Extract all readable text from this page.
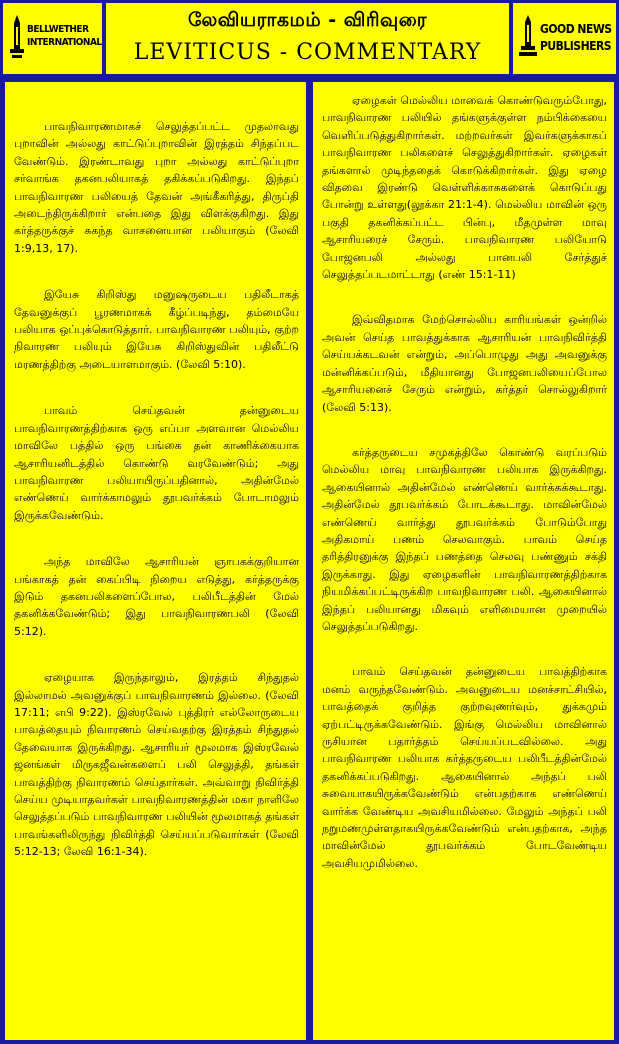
BELLWETHER
INTERNATIONAL
லேவியராகமம் - விரிவுரை
LEVITICUS - COMMENTARY
GOOD NEWS
PUBLISHERS

பாவநிவாரணமாகச் செலுத்தப்பட்ட முதலாவது புறாவின் அல்லது காட்டுப்புறாவின் இரத்தம் சிந்தப்பட வேண்டும். இரண்டாவது புறா அல்லது காட்டுப்புறா சர்வாங்க தகனபலியாகத் தகிக்கப்படுகிறது. இந்தப் பாவநிவாரண பலியைத் தேவன் அங்கீகரித்து, திருப்தி அடைந்திருக்கிறார் என்பதை இது விளக்குகிறது. இது கர்த்தருக்குச் சுகந்த வாசனையான பலியாகும் (லேவி 1:9,13, 17).

இயேசு கிறிஸ்து மனுஷருடைய பதிலீடாகத் தேவனுக்குப் பூரணமாகக் கீழ்ப்படிந்து, தம்மையே பலியாக ஒப்புக்கொடுத்தார். பாவநிவாரண பலியும், குற்ற நிவாரண பலியும் இயேசு கிறிஸ்துவின் பதிலீட்டு மரணத்திற்கு அடையாளமாகும். (லேவி 5:10).

பாவம் செய்தவன் தன்னுடைய பாவநிவாரணத்திற்காக ஒரு எப்பா அளவான மெல்லிய மாவிலே பத்தில் ஒரு பங்கை தன் காணிக்கையாக ஆசாரியனிடத்தில் கொண்டு வரவேண்டும்; அது பாவநிவாரண பலியாயிருப்பதினால், அதின்மேல் எண்ணெய் வார்க்காமலும் தூபவர்க்கம் போடாமலும் இருக்கவேண்டும்.

அந்த மாவிலே ஆசாரியன் ஞாபகக்குறியான பங்காகத் தன் கைப்பிடி நிறைய எடுத்து, கர்த்தருக்கு இடும் தகனபலிகளைப்போல, பலிபீடத்தின் மேல் தகனிக்கவேண்டும்; இது பாவநிவாரணபலி (லேவி 5:12).

ஏழையாக இருந்தாலும், இரத்தம் சிந்துதல் இல்லாமல் அவனுக்குப் பாவநிவாரணம் இல்லை. (லேவி 17:11; எபி 9:22). இஸ்ரவேல் புத்திரர் எல்லோருடைய பாவத்தையும் நிவாரணம் செய்வதற்கு இரத்தம் சிந்துதல் தேவையாக இருக்கிறது. ஆசாரியர் மூலமாக இஸ்ரவேல் ஜனங்கள் மிருகஜீவன்களைப் பலி செலுத்தி, தங்கள் பாவத்திற்கு நிவாரணம் செய்தார்கள். அவ்வாறு நிவிர்த்தி செய்ய முடியாதவர்கள் பாவநிவாரணத்தின் மகா நாளிலே செலுத்தப்படும் பாவநிவாரண பலியின் மூலமாகத் தங்கள் பாவங்களிலிருந்து நிவிர்த்தி செய்யப்படுவார்கள் (லேவி 5:12-13; லேவி 16:1-34).

ஏழைகள் மெல்லிய மாவைக் கொண்டுவரும்போது, பாவநிவாரண பலியில் தங்களுக்குள்ள நம்பிக்கையை வெளிப்படுத்துகிறார்கள். மற்றவர்கள் இவர்களுக்காகப் பாவநிவாரண பலிகளைச் செலுத்துகிறார்கள். ஏழைகள் தங்களால் முடிந்ததைக் கொடுக்கிறார்கள். இது ஏழை விதவை இரண்டு வெள்ளிக்காசுகளைக் கொடுப்பது போன்று உள்ளது(லூக்கா 21:1-4). மெல்லிய மாவின் ஒரு பகுதி தகனிக்கப்பட்ட பின்பு, மீதமுள்ள மாவு ஆசாரியரைச் சேரும். பாவநிவாரண பலியோடு போஜனபலி அல்லது பானபலி சேர்த்துச் செலுத்தப்படமாட்டாது (எண் 15:1-11)

இவ்விதமாக மேற்சொல்லிய காரியங்கள் ஒன்றில் அவன் செய்த பாவத்துக்காக ஆசாரியன் பாவநிவிர்த்தி செய்யக்கடவன் என்றும், அப்பொழுது அது அவனுக்கு மன்னிக்கப்படும், மீதியானது போஜனபலியைப்போல ஆசாரியனைச் சேரும் என்றும், கர்த்தர் சொல்லுகிறார் (லேவி 5:13).

கர்த்தருடைய சமுகத்திலே கொண்டு வரப்படும் மெல்லிய மாவு பாவநிவாரண பலியாக இருக்கிறது. ஆகையினால் அதின்மேல் எண்ணெய் வார்க்கக்கூடாது. அதின்மேல் தூபவர்க்கம் போடக்கூடாது. மாவின்மேல் எண்ணெய் வார்த்து தூபவர்க்கம் போடும்போது அதிகமாய் பணம் செலவாகும். பாவம் செய்த தரித்திரனுக்கு இந்தப் பணத்தை செலவு பண்ணும் சக்தி இருக்காது. இது ஏழைகளின் பாவநிவாரணத்திற்காக நியமிக்கப்பட்டிருக்கிற பாவநிவாரண பலி. ஆகையினால் இந்தப் பலியானது மிகவும் எளிமையான முறையில் செலுத்தப்படுகிறது.

பாவம் செய்தவன் தன்னுடைய பாவத்திற்காக மனம் வருந்தவேண்டும். அவனுடைய மனச்சாட்சியில், பாவத்தைக் குறித்த குற்றவுணர்வும், துக்கமும் ஏற்பட்டிருக்கவேண்டும். இங்கு மெல்லிய மாவினால் ருசியான பதார்த்தம் செய்யப்படவில்லை. அது பாவநிவாரண பலியாக கர்த்தருடைய பலிபீடத்தின்மேல் தகனிக்கப்படுகிறது. ஆகையினால் அந்தப் பலி சுவையாகயிருக்கவேண்டும் என்பதற்காக எண்ணெய் வார்க்க வேண்டிய அவசியமில்லை. மேலும் அந்தப் பலி நறுமணமுள்ளதாகயிருக்கவேண்டும் என்பதற்காக, அந்த மாவின்மேல் தூபவர்க்கம் போடவேண்டிய அவசியமுமில்லை.
